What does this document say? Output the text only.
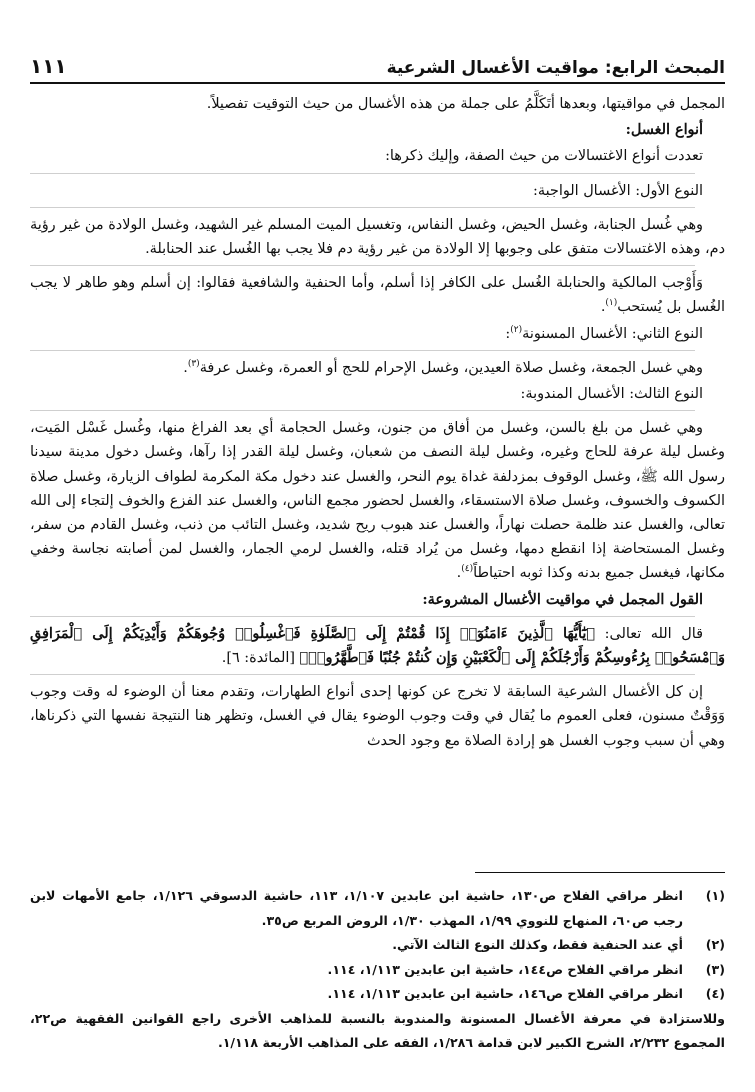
المبحث الرابع: مواقيت الأغسال الشرعية
١١١

المجمل في مواقيتها، وبعدها أتَكَلَّمُ على جملة من هذه الأغسال من حيث التوقيت تفصيلاً.

أنواع الغسل:

تعددت أنواع الاغتسالات من حيث الصفة، وإليك ذكرها:

النوع الأول: الأغسال الواجبة:

وهي غُسل الجنابة، وغسل الحيض، وغسل النفاس، وتغسيل الميت المسلم غير الشهيد، وغسل الولادة من غير رؤية دم، وهذه الاغتسالات متفق على وجوبها إلا الولادة من غير رؤية دم فلا يجب بها الغُسل عند الحنابلة.

وَأَوْجب المالكية والحنابلة الغُسل على الكافر إذا أسلم، وأما الحنفية والشافعية فقالوا: إن أسلم وهو طاهر لا يجب الغُسل بل يُستحب$^{(١)}$.

النوع الثاني: الأغسال المسنونة$^{(٢)}$:

وهي غسل الجمعة، وغسل صلاة العيدين، وغسل الإحرام للحج أو العمرة، وغسل عرفة$^{(٣)}$.

النوع الثالث: الأغسال المندوبة:

وهي غسل من بلغ بالسن، وغسل من أفاق من جنون، وغسل الحجامة أي بعد الفراغ منها، وغُسل غَسْل المَيت، وغسل ليلة عرفة للحاج وغيره، وغسل ليلة النصف من شعبان، وغسل ليلة القدر إذا رآها، وغسل دخول مدينة سيدنا رسول الله ﷺ، وغسل الوقوف بمزدلفة غداة يوم النحر، والغسل عند دخول مكة المكرمة لطواف الزيارة، وغسل صلاة الكسوف والخسوف، وغسل صلاة الاستسقاء، والغسل لحضور مجمع الناس، والغسل عند الفزع والخوف إلتجاء إلى الله تعالى، والغسل عند ظلمة حصلت نهاراً، والغسل عند هبوب ريح شديد، وغسل التائب من ذنب، وغسل القادم من سفر، وغسل المستحاضة إذا انقطع دمها، وغسل من يُراد قتله، والغسل لرمي الجمار، والغسل لمن أصابته نجاسة وخفي مكانها، فيغسل جميع بدنه وكذا ثوبه احتياطاً$^{(٤)}$.

القول المجمل في مواقيت الأغسال المشروعة:

قال الله تعالى: ﴿يَٰٓأَيُّهَا ٱلَّذِينَ ءَامَنُوٓا۟ إِذَا قُمْتُمْ إِلَى ٱلصَّلَوٰةِ فَٱغْسِلُوا۟ وُجُوهَكُمْ وَأَيْدِيَكُمْ إِلَى ٱلْمَرَافِقِ وَٱمْسَحُوا۟ بِرُءُوسِكُمْ وَأَرْجُلَكُمْ إِلَى ٱلْكَعْبَيْنِ وَإِن كُنتُمْ جُنُبًا فَٱطَّهَّرُوا۟﴾ [المائدة: ٦].

إن كل الأغسال الشرعية السابقة لا تخرج عن كونها إحدى أنواع الطهارات، وتقدم معنا أن الوضوء له وقت وجوب وَوَقْتٌ مسنون، فعلى العموم ما يُقال في وقت وجوب الوضوء يقال في الغسل، وتظهر هنا النتيجة نفسها التي ذكرناها، وهي أن سبب وجوب الغسل هو إرادة الصلاة مع وجود الحدث

(١)
انظر مراقي الفلاح ص١٣٠، حاشية ابن عابدين ١/١٠٧، ١١٣، حاشية الدسوقي ١/١٢٦، جامع الأمهات لابن رجب ص٦٠، المنهاج للنووي ١/٩٩، المهذب ١/٣٠، الروض المربع ص٣٥.
(٢)
أي عند الحنفية فقط، وكذلك النوع الثالث الآتي.
(٣)
انظر مراقي الفلاح ص١٤٤، حاشية ابن عابدين ١/١١٣، ١١٤.
(٤)
انظر مراقي الفلاح ص١٤٦، حاشية ابن عابدين ١/١١٣، ١١٤.
وللاستزادة في معرفة الأغسال المسنونة والمندوبة بالنسبة للمذاهب الأخرى راجع القوانين الفقهية ص٢٢، المجموع ٢/٢٣٢، الشرح الكبير لابن قدامة ١/٢٨٦، الفقه على المذاهب الأربعة ١/١١٨.
